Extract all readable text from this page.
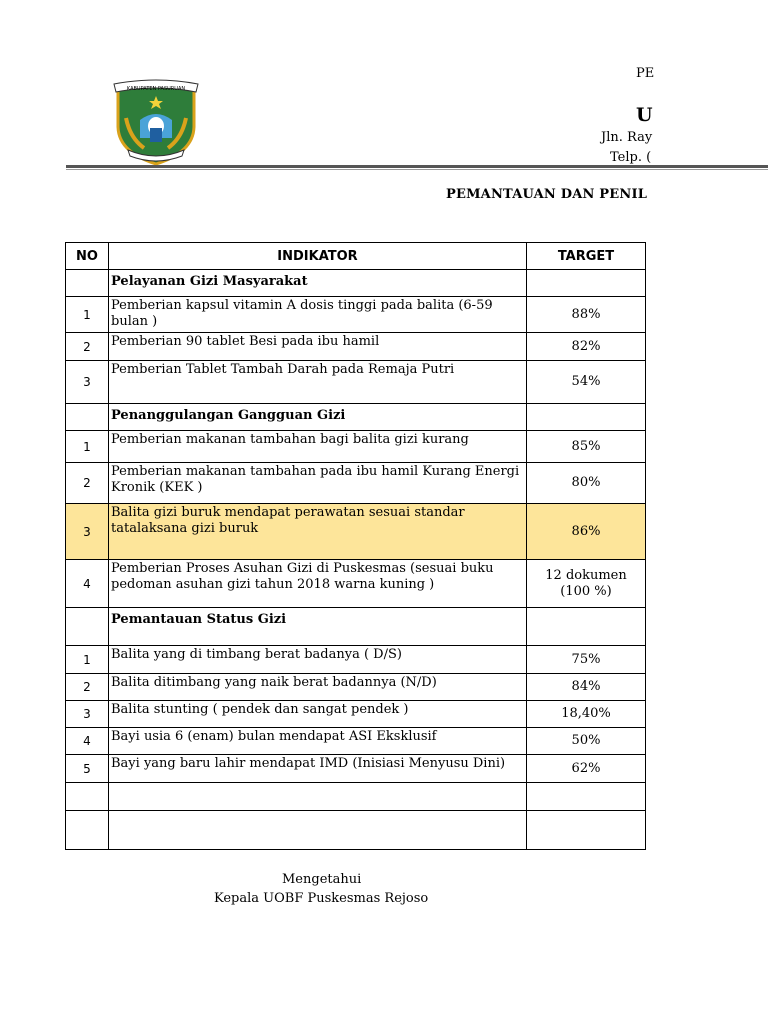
KABUPATEN PASURUAN
PE
U
Jln. Ray
Telp. (
PEMANTAUAN DAN PENIL
NO	INDIKATOR	TARGET
	Pelayanan Gizi Masyarakat	
1	Pemberian kapsul vitamin A dosis tinggi pada balita (6-59 bulan )	88%
2	Pemberian 90 tablet Besi pada ibu hamil	82%
3	Pemberian Tablet Tambah Darah pada Remaja Putri	54%
	Penanggulangan Gangguan Gizi	
1	Pemberian makanan tambahan bagi balita gizi kurang	85%
2	Pemberian makanan tambahan pada ibu hamil Kurang Energi Kronik (KEK )	80%
3	Balita gizi buruk mendapat perawatan sesuai standar tatalaksana gizi buruk	86%
4	Pemberian Proses Asuhan Gizi di Puskesmas (sesuai buku pedoman asuhan gizi tahun 2018 warna kuning )	12 dokumen (100 %)
	Pemantauan Status Gizi	
1	Balita yang di timbang berat badanya ( D/S)	75%
2	Balita ditimbang yang naik berat badannya (N/D)	84%
3	Balita stunting ( pendek dan sangat pendek )	18,40%
4	Bayi usia 6 (enam) bulan mendapat ASI Eksklusif	50%
5	Bayi yang baru lahir mendapat IMD (Inisiasi Menyusu Dini)	62%

Mengetahui
Kepala UOBF Puskesmas Rejoso
